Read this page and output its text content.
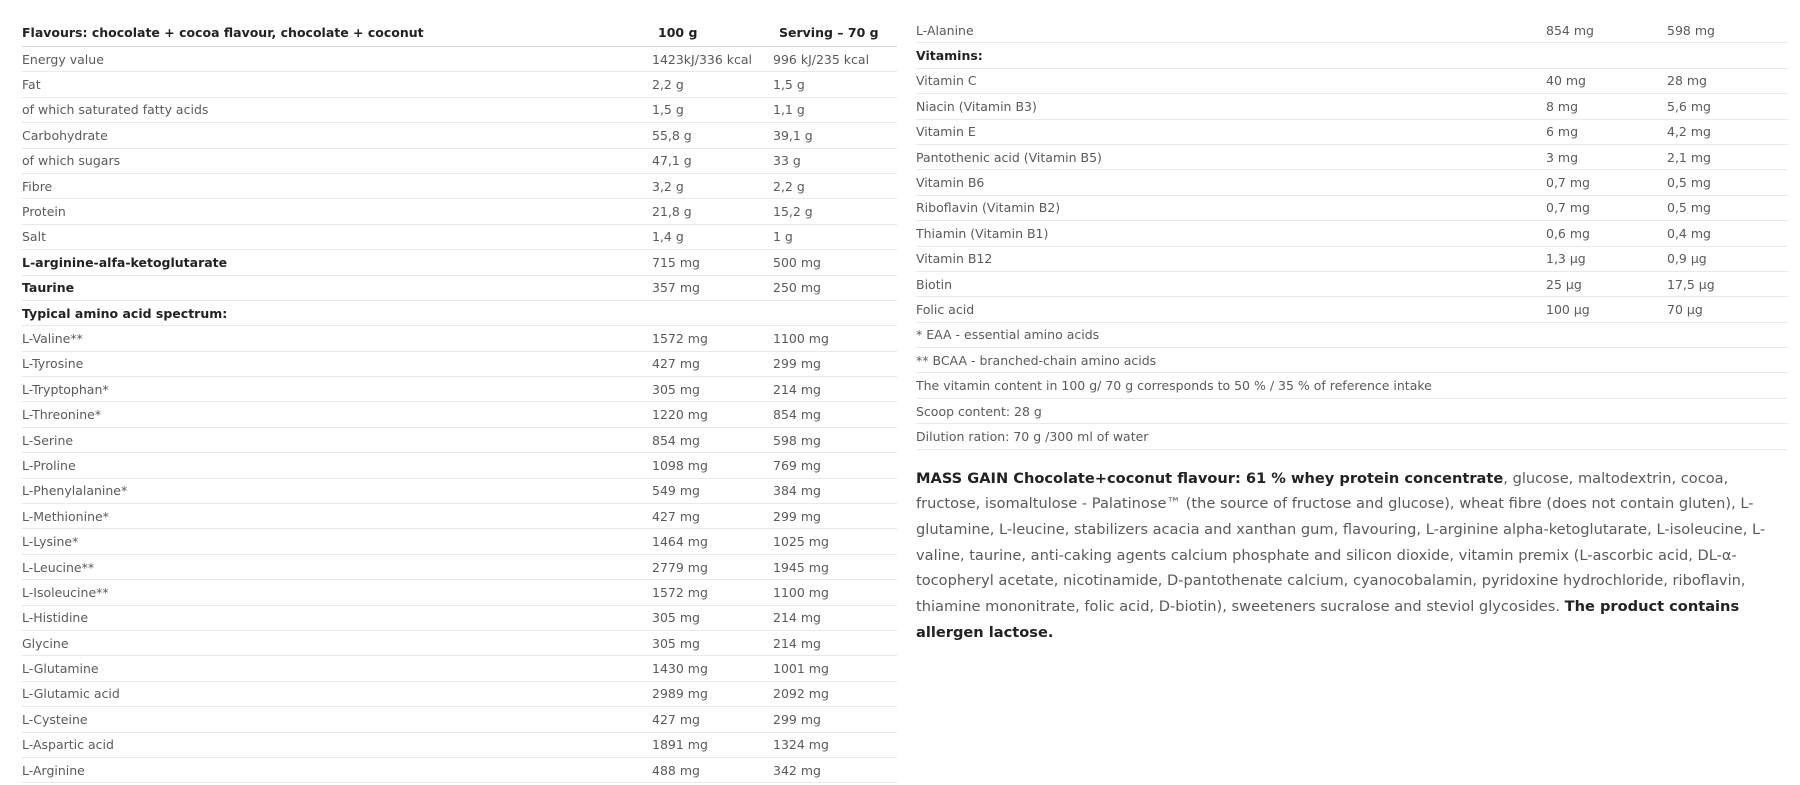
Flavours: chocolate + cocoa flavour, chocolate + coconut	100 g	Serving – 70 g
Energy value	1423kJ/336 kcal	996 kJ/235 kcal
Fat	2,2 g	1,5 g
of which saturated fatty acids	1,5 g	1,1 g
Carbohydrate	55,8 g	39,1 g
of which sugars	47,1 g	33 g
Fibre	3,2 g	2,2 g
Protein	21,8 g	15,2 g
Salt	1,4 g	1 g
L-arginine-alfa-ketoglutarate	715 mg	500 mg
Taurine	357 mg	250 mg
Typical amino acid spectrum:		
L-Valine**	1572 mg	1100 mg
L-Tyrosine	427 mg	299 mg
L-Tryptophan*	305 mg	214 mg
L-Threonine*	1220 mg	854 mg
L-Serine	854 mg	598 mg
L-Proline	1098 mg	769 mg
L-Phenylalanine*	549 mg	384 mg
L-Methionine*	427 mg	299 mg
L-Lysine*	1464 mg	1025 mg
L-Leucine**	2779 mg	1945 mg
L-Isoleucine**	1572 mg	1100 mg
L-Histidine	305 mg	214 mg
Glycine	305 mg	214 mg
L-Glutamine	1430 mg	1001 mg
L-Glutamic acid	2989 mg	2092 mg
L-Cysteine	427 mg	299 mg
L-Aspartic acid	1891 mg	1324 mg
L-Arginine	488 mg	342 mg
L-Alanine	854 mg	598 mg
Vitamins:		
Vitamin C	40 mg	28 mg
Niacin (Vitamin B3)	8 mg	5,6 mg
Vitamin E	6 mg	4,2 mg
Pantothenic acid (Vitamin B5)	3 mg	2,1 mg
Vitamin B6	0,7 mg	0,5 mg
Riboflavin (Vitamin B2)	0,7 mg	0,5 mg
Thiamin (Vitamin B1)	0,6 mg	0,4 mg
Vitamin B12	1,3 µg	0,9 µg
Biotin	25 µg	17,5 µg
Folic acid	100 µg	70 µg
* EAA - essential amino acids		
** BCAA - branched-chain amino acids		
The vitamin content in 100 g/ 70 g corresponds to 50 % / 35 % of reference intake		
Scoop content: 28 g		
Dilution ration: 70 g /300 ml of water		

MASS GAIN Chocolate+coconut flavour: 61 % whey protein concentrate, glucose, maltodextrin, cocoa, fructose, isomaltulose - Palatinose™ (the source of fructose and glucose), wheat fibre (does not contain gluten), L-glutamine, L-leucine, stabilizers acacia and xanthan gum, flavouring, L-arginine alpha-ketoglutarate, L-isoleucine, L-valine, taurine, anti-caking agents calcium phosphate and silicon dioxide, vitamin premix (L-ascorbic acid, DL-α-tocopheryl acetate, nicotinamide, D-pantothenate calcium, cyanocobalamin, pyridoxine hydrochloride, riboflavin, thiamine mononitrate, folic acid, D-biotin), sweeteners sucralose and steviol glycosides. The product contains allergen lactose.
